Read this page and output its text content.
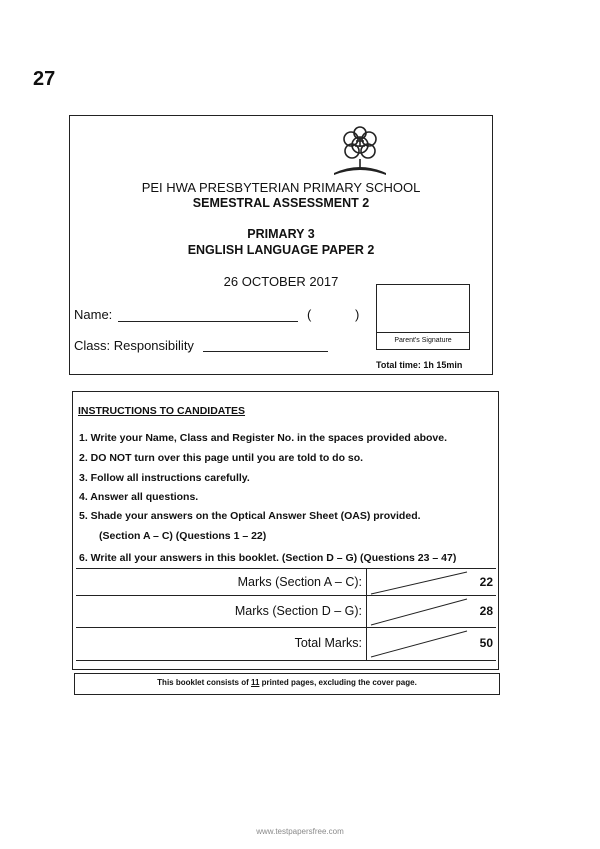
27
PEI HWA PRESBYTERIAN PRIMARY SCHOOL
SEMESTRAL ASSESSMENT 2
PRIMARY 3
ENGLISH LANGUAGE PAPER 2
26 OCTOBER 2017
Name:	(	)
Class: Responsibility	Parent's Signature
Total time: 1h 15min
INSTRUCTIONS TO CANDIDATES
1. Write your Name, Class and Register No. in the spaces provided above.
2. DO NOT turn over this page until you are told to do so.
3. Follow all instructions carefully.
4. Answer all questions.
5. Shade your answers on the Optical Answer Sheet (OAS) provided.
(Section A – C) (Questions 1 – 22)
6. Write all your answers in this booklet. (Section D – G) (Questions 23 – 47)
Marks (Section A – C):	22
Marks (Section D – G):	28
Total Marks:	50
This booklet consists of 11 printed pages, excluding the cover page.
www.testpapersfree.com
